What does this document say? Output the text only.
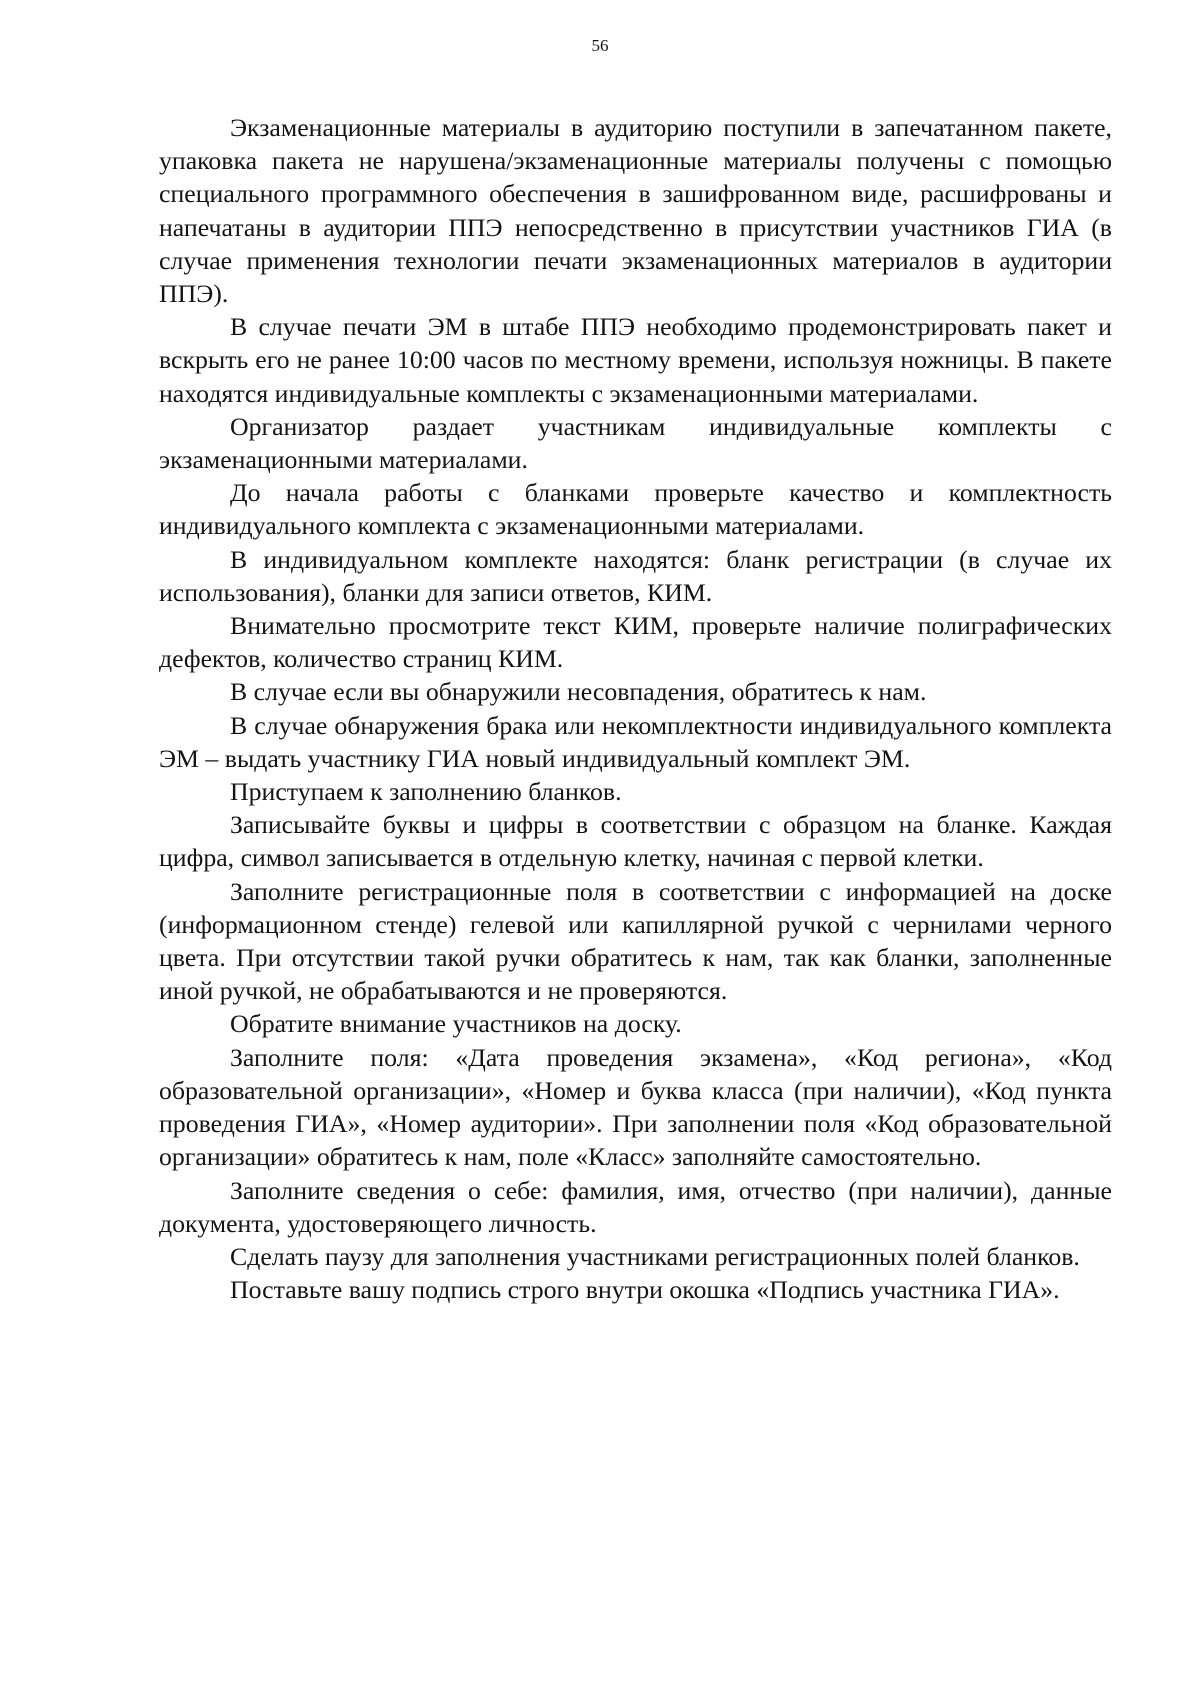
56

Экзаменационные материалы в аудиторию поступили в запечатанном пакете, упаковка пакета не нарушена/экзаменационные материалы получены с помощью специального программного обеспечения в зашифрованном виде, расшифрованы и напечатаны в аудитории ППЭ непосредственно в присутствии участников ГИА (в случае применения технологии печати экзаменационных материалов в аудитории ППЭ).

В случае печати ЭМ в штабе ППЭ необходимо продемонстрировать пакет и вскрыть его не ранее 10:00 часов по местному времени, используя ножницы. В пакете находятся индивидуальные комплекты с экзаменационными материалами.

Организатор раздает участникам индивидуальные комплекты с экзаменационными материалами.

До начала работы с бланками проверьте качество и комплектность индивидуального комплекта с экзаменационными материалами.

В индивидуальном комплекте находятся: бланк регистрации (в случае их использования), бланки для записи ответов, КИМ.

Внимательно просмотрите текст КИМ, проверьте наличие полиграфических дефектов, количество страниц КИМ.

В случае если вы обнаружили несовпадения, обратитесь к нам.

В случае обнаружения брака или некомплектности индивидуального комплекта ЭМ – выдать участнику ГИА новый индивидуальный комплект ЭМ.

Приступаем к заполнению бланков.

Записывайте буквы и цифры в соответствии с образцом на бланке. Каждая цифра, символ записывается в отдельную клетку, начиная с первой клетки.

Заполните регистрационные поля в соответствии с информацией на доске (информационном стенде) гелевой или капиллярной ручкой с чернилами черного цвета. При отсутствии такой ручки обратитесь к нам, так как бланки, заполненные иной ручкой, не обрабатываются и не проверяются.

Обратите внимание участников на доску.

Заполните поля: «Дата проведения экзамена», «Код региона», «Код образовательной организации», «Номер и буква класса (при наличии), «Код пункта проведения ГИА», «Номер аудитории». При заполнении поля «Код образовательной организации» обратитесь к нам, поле «Класс» заполняйте самостоятельно.

Заполните сведения о себе: фамилия, имя, отчество (при наличии), данные документа, удостоверяющего личность.

Сделать паузу для заполнения участниками регистрационных полей бланков.

Поставьте вашу подпись строго внутри окошка «Подпись участника ГИА».
